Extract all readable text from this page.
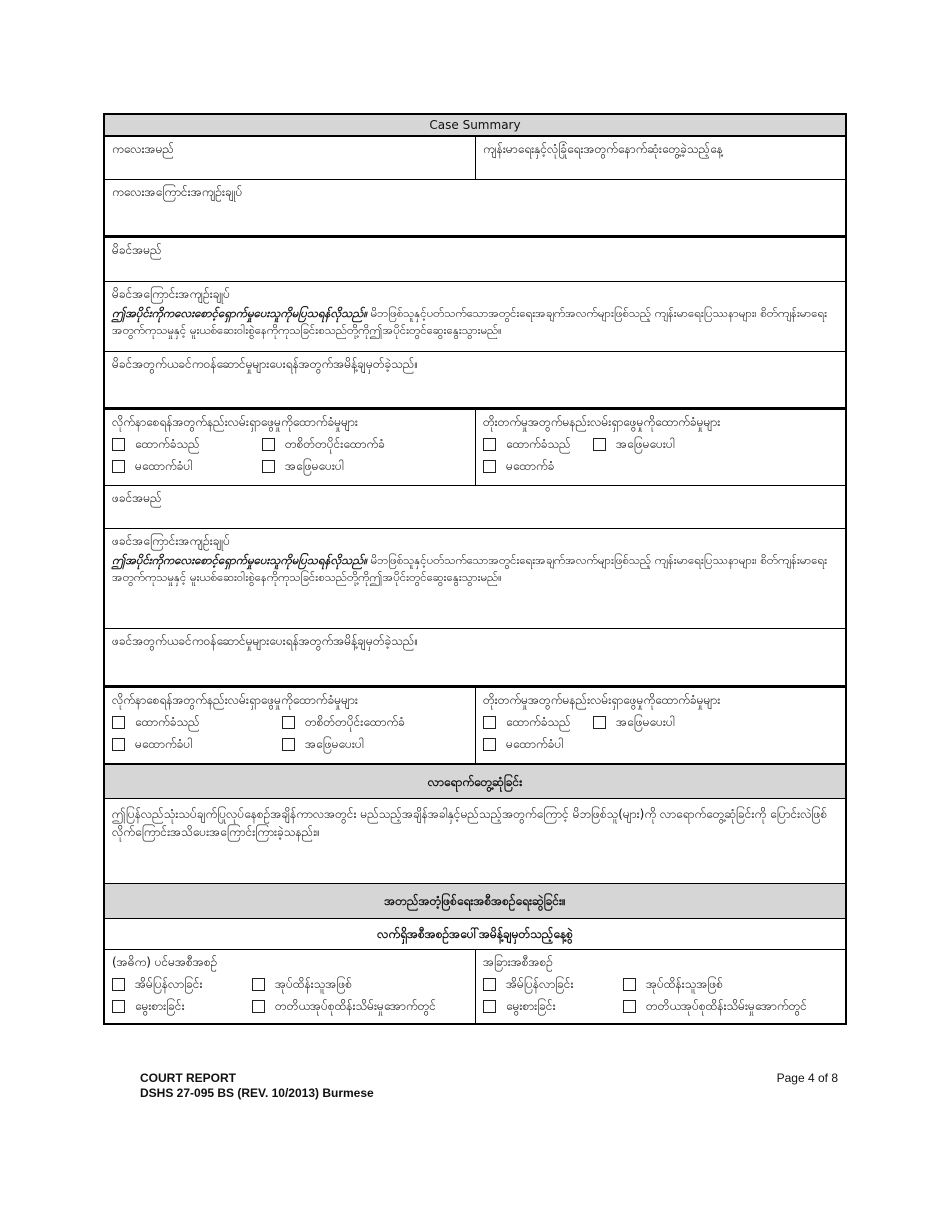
Case Summary
ကလေးအမည်	ကျန်းမာရေးနှင့်လုံခြုံရေးအတွက်နောက်ဆုံးတွေ့ခဲ့သည့်နေ့
ကလေးအကြောင်းအကျဉ်းချုပ်
မိခင်အမည်
မိခင်အကြောင်းအကျဉ်းချုပ်
ဤအပိုင်းကိုကလေးစောင့်ရှောက်မှုပေးသူကိုမပြသရန်လိုသည်။ မိဘဖြစ်သူနှင့်ပတ်သက်သောအတွင်းရေးအချက်အလက်များဖြစ်သည့် ကျန်းမာရေးပြဿနာများ၊ စိတ်ကျန်းမာရေးအတွက်ကုသမှုနှင့် မူးယစ်ဆေးဝါးစွဲနေကိုကုသခြင်းစသည်တို့ကိုဤအပိုင်းတွင်ဆွေးနွေးသွားမည်။
မိခင်အတွက်ယခင်ကဝန်ဆောင်မှုများပေးရန်အတွက်အမိန့်ချမှတ်ခဲ့သည်။
လိုက်နာစေရန်အတွက်နည်းလမ်းရှာဖွေမှုကိုထောက်ခံမှုများ
ထောက်ခံသည်	တစိတ်တပိုင်းထောက်ခံ
မထောက်ခံပါ	အဖြေမပေးပါ
တိုးတက်မှုအတွက်မနည်းလမ်းရှာဖွေမှုကိုထောက်ခံမှုများ
ထောက်ခံသည်	အဖြေမပေးပါ
မထောက်ခံ
ဖခင်အမည်
ဖခင်အကြောင်းအကျဉ်းချုပ်
ဤအပိုင်းကိုကလေးစောင့်ရှောက်မှုပေးသူကိုမပြသရန်လိုသည်။ မိဘဖြစ်သူနှင့်ပတ်သက်သောအတွင်းရေးအချက်အလက်များဖြစ်သည့် ကျန်းမာရေးပြဿနာများ၊ စိတ်ကျန်းမာရေးအတွက်ကုသမှုနှင့် မူးယစ်ဆေးဝါးစွဲနေကိုကုသခြင်းစသည်တို့ကိုဤအပိုင်းတွင်ဆွေးနွေးသွားမည်။
ဖခင်အတွက်ယခင်ကဝန်ဆောင်မှုများပေးရန်အတွက်အမိန့်ချမှတ်ခဲ့သည်။
လိုက်နာစေရန်အတွက်နည်းလမ်းရှာဖွေမှုကိုထောက်ခံမှုများ
ထောက်ခံသည်	တစိတ်တပိုင်းထောက်ခံ
မထောက်ခံပါ	အဖြေမပေးပါ
တိုးတက်မှုအတွက်မနည်းလမ်းရှာဖွေမှုကိုထောက်ခံမှုများ
ထောက်ခံသည်	အဖြေမပေးပါ
မထောက်ခံပါ
လာရောက်တွေ့ဆုံခြင်း
ဤပြန်လည်သုံးသပ်ချက်ပြုလုပ်နေစဉ်အချိန်ကာလအတွင်း မည်သည့်အချိန်အခါနှင့်မည်သည့်အတွက်ကြောင့် မိဘဖြစ်သူ(များ)ကို လာရောက်တွေ့ဆုံခြင်းကို ပြောင်းလဲဖြစ်လိုက်ကြောင်းအသိပေးအကြောင်းကြားခဲ့သနည်း။
အတည်အတံ့ဖြစ်ရေးအစီအစဉ်ရေးဆွဲခြင်း။
လက်ရှိအစီအစဉ်အပေါ်အမိန့်ချမှတ်သည့်နေ့စွဲ
(အဓိက) ပင်မအစီအစဉ်
အိမ်ပြန်လာခြင်း	အုပ်ထိန်းသူအဖြစ်
မွေးစားခြင်း	တတိယအုပ်စုထိန်းသိမ်းမှုအောက်တွင်
အခြားအစီအစဉ်
အိမ်ပြန်လာခြင်း	အုပ်ထိန်းသူအဖြစ်
မွေးစားခြင်း	တတိယအုပ်စုထိန်းသိမ်းမှုအောက်တွင်
COURT REPORT
DSHS 27-095 BS (REV. 10/2013) Burmese
Page 4 of 8
